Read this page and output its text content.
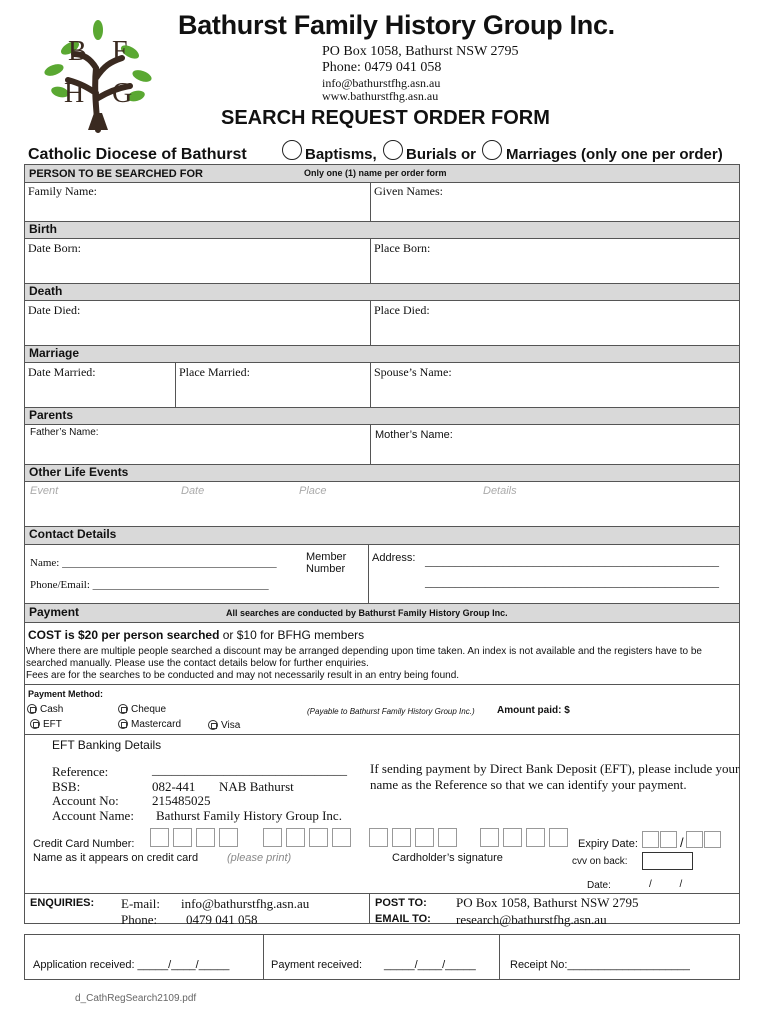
B F
H G
Bathurst Family History Group Inc.
PO Box 1058, Bathurst NSW 2795
Phone: 0479 041 058
info@bathurstfhg.asn.au
www.bathurstfhg.asn.au
SEARCH REQUEST ORDER FORM
Catholic Diocese of Bathurst	Baptisms, Burials or Marriages (only one per order)
PERSON TO BE SEARCHED FOR	Only one (1) name per order form
Family Name:	Given Names:
Birth
Date Born:	Place Born:
Death
Date Died:	Place Died:
Marriage
Date Married:	Place Married:	Spouse’s Name:
Parents
Father’s Name:	Mother’s Name:
Other Life Events
Event	Date	Place	Details
Contact Details
Name: _______________________________________	Member
Number
Address: _________________________________________________
_________________________________________________
Phone/Email: ________________________________
Payment	All searches are conducted by Bathurst Family History Group Inc.
COST is $20 per person searched or $10 for BFHG members
Where there are multiple people searched a discount may be arranged depending upon time taken. An index is not available and the registers have to be searched manually. Please use the contact details below for further enquiries.
Fees are for the searches to be conducted and may not necessarily result in an entry being found.
Payment Method:
Cash	Cheque
EFT	Mastercard	Visa
(Payable to Bathurst Family History Group Inc.) Amount paid: $
EFT Banking Details
Reference:	______________________________
BSB:	082-441 NAB Bathurst
Account No:	215485025
Account Name: Bathurst Family History Group Inc.
If sending payment by Direct Bank Deposit (EFT), please include your name as the Reference so that we can identify your payment.
Credit Card Number:
Name as it appears on credit card	(please print)	Cardholder’s signature
Expiry Date:	/
cvv on back:
Date:	/          /
ENQUIRIES: E-mail: info@bathurstfhg.asn.au
Phone: 0479 041 058
POST TO: PO Box 1058, Bathurst NSW 2795
EMAIL TO: research@bathurstfhg.asn.au
Application received: _____/____/_____	Payment received: _____/____/_____	Receipt No:____________________
d_CathRegSearch2109.pdf
